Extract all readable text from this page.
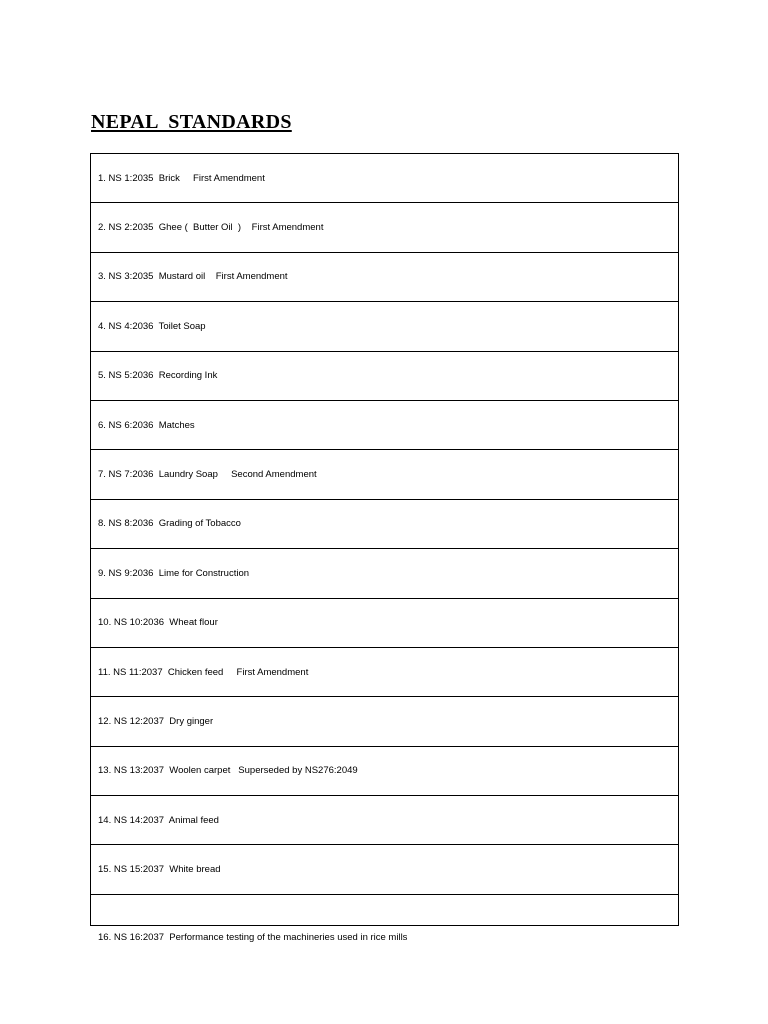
NEPAL  STANDARDS
1. NS 1:2035  Brick     First Amendment
2. NS 2:2035  Ghee (  Butter Oil  )    First Amendment
3. NS 3:2035  Mustard oil    First Amendment
4. NS 4:2036  Toilet Soap
5. NS 5:2036  Recording Ink
6. NS 6:2036  Matches
7. NS 7:2036  Laundry Soap     Second Amendment
8. NS 8:2036  Grading of Tobacco
9. NS 9:2036  Lime for Construction
10. NS 10:2036  Wheat flour
11. NS 11:2037  Chicken feed     First Amendment
12. NS 12:2037  Dry ginger
13. NS 13:2037  Woolen carpet   Superseded by NS276:2049
14. NS 14:2037  Animal feed
15. NS 15:2037  White bread
16. NS 16:2037  Performance testing of the machineries used in rice mills
